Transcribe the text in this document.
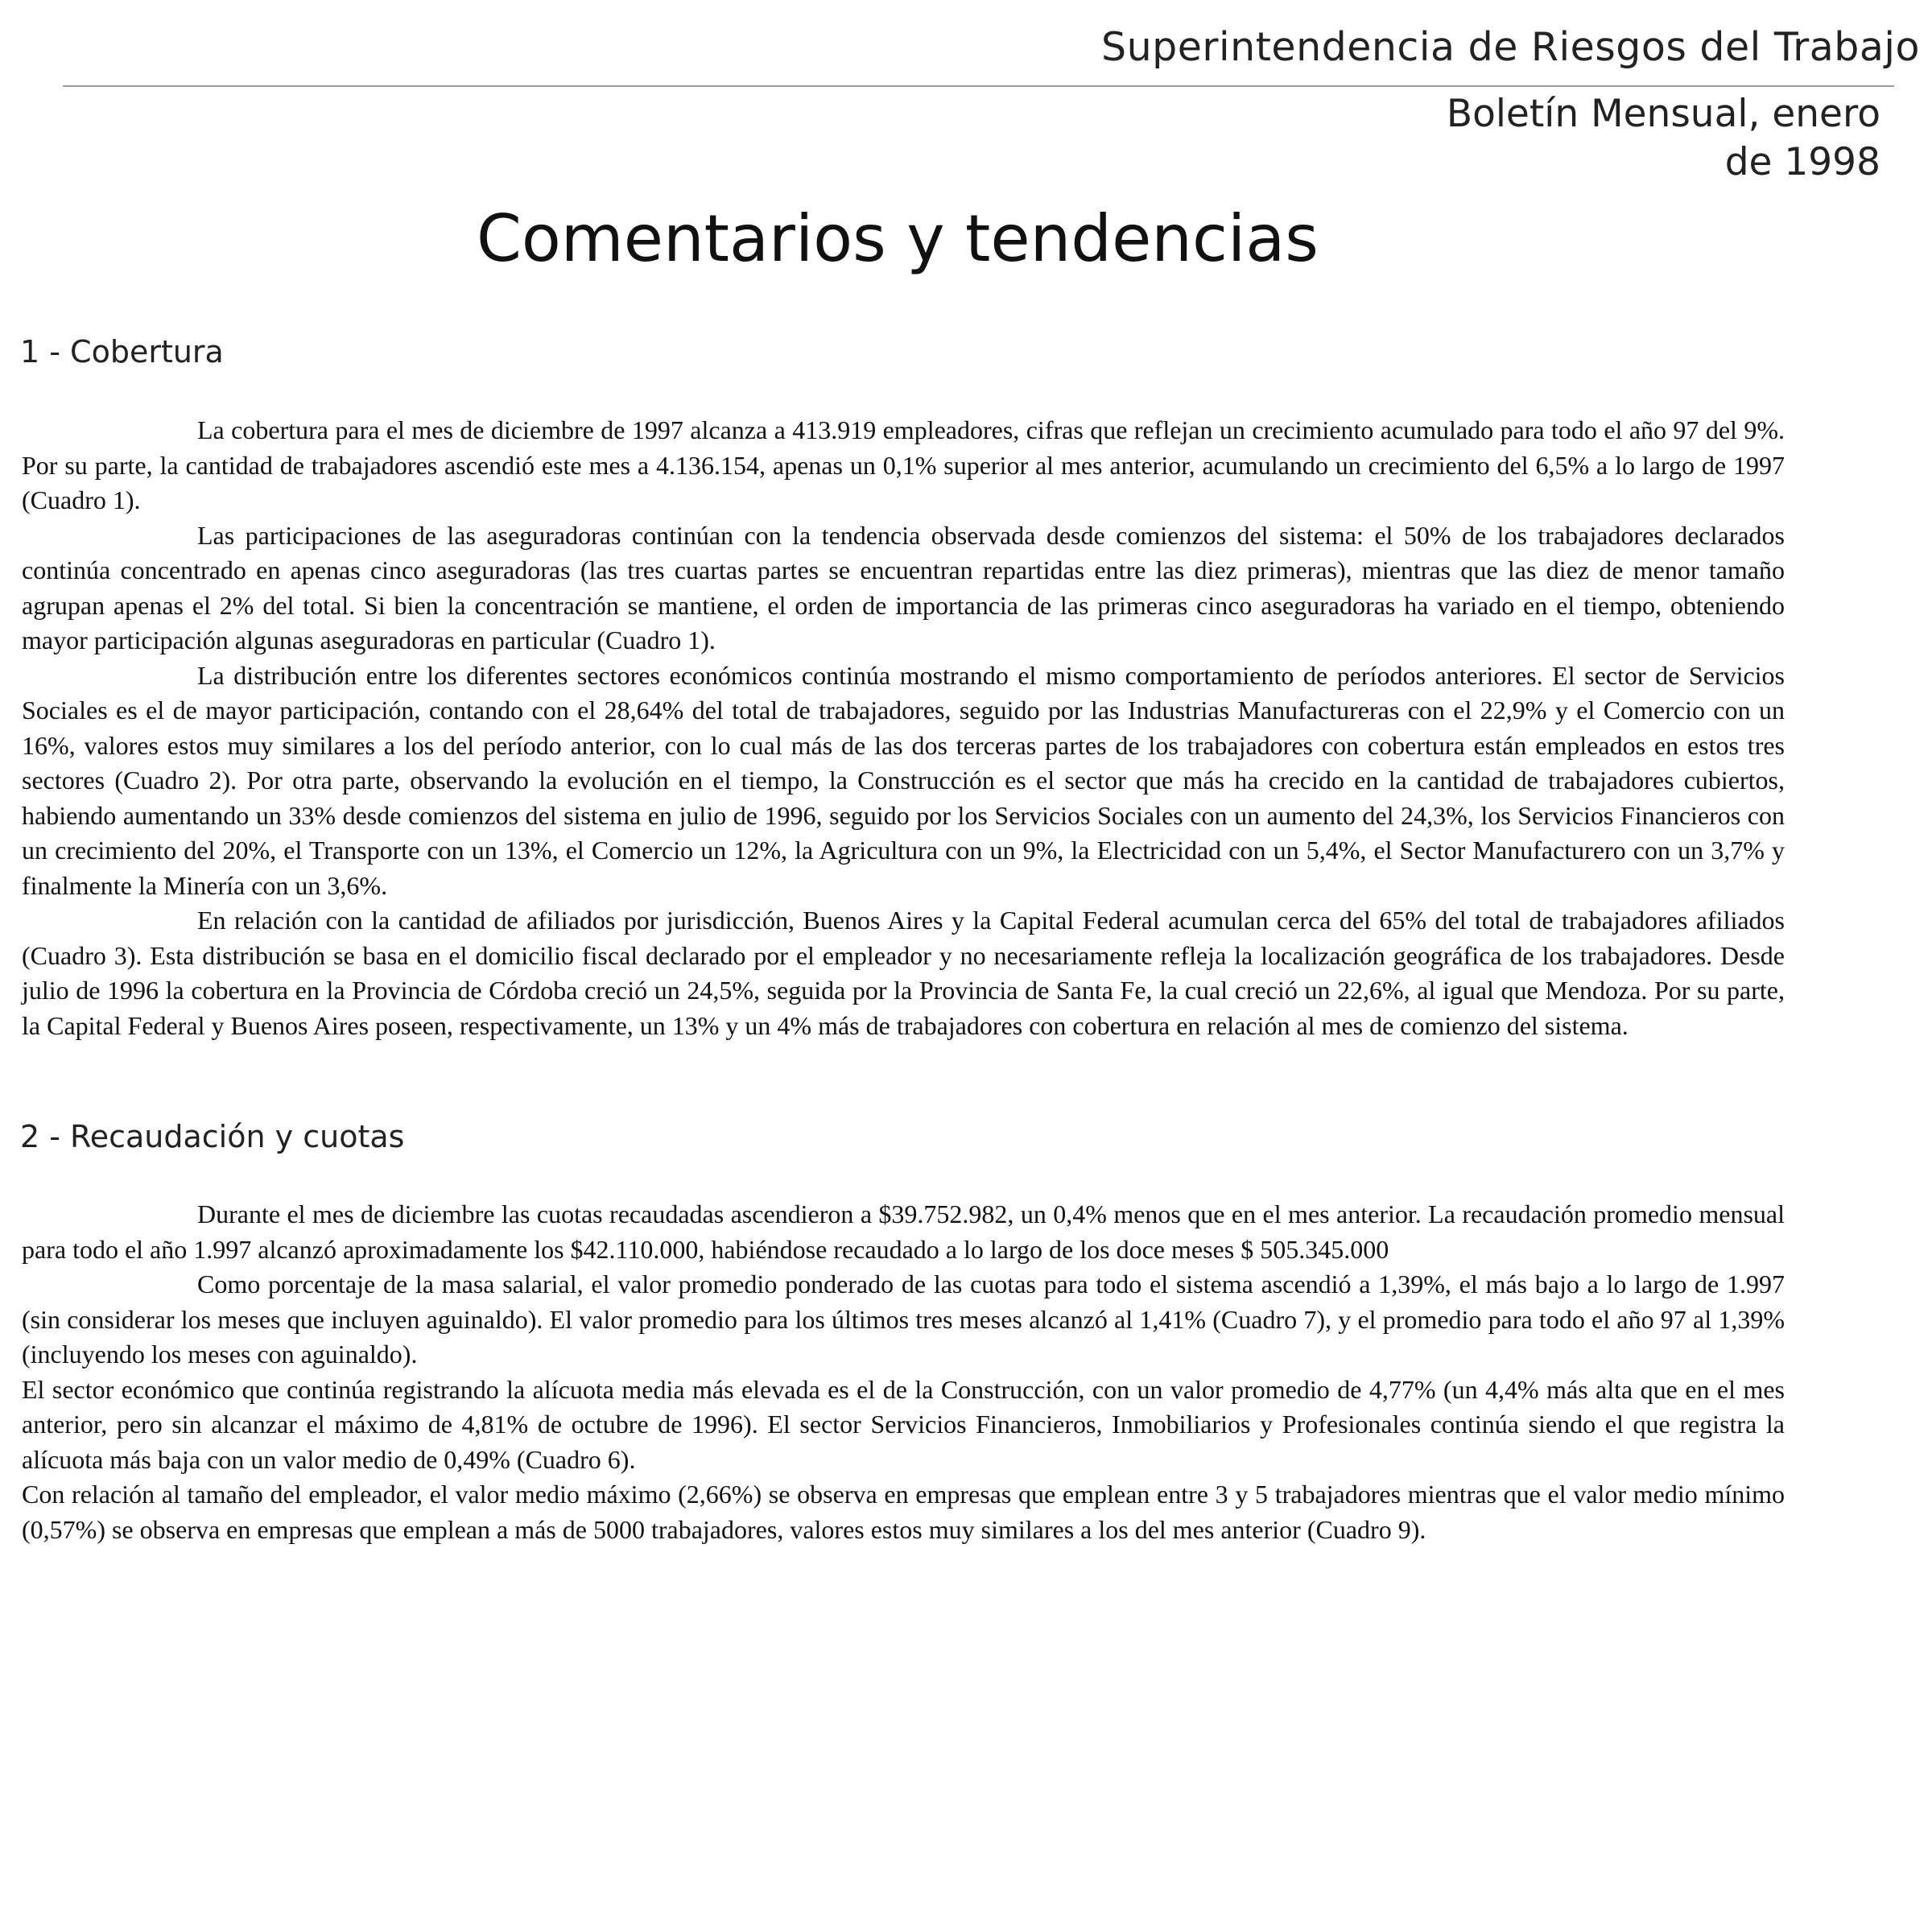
Superintendencia de Riesgos del Trabajo
Boletín Mensual, enero de 1998
Comentarios y tendencias
1 - Cobertura

La cobertura para el mes de diciembre de 1997 alcanza a 413.919 empleadores, cifras que reflejan un crecimiento acumulado para todo el año 97 del 9%. Por su parte, la cantidad de trabajadores ascendió este mes a 4.136.154, apenas un 0,1% superior al mes anterior, acumulando un crecimiento del 6,5% a lo largo de 1997 (Cuadro 1).

Las participaciones de las aseguradoras continúan con la tendencia observada desde comienzos del sistema: el 50% de los trabajadores declarados continúa concentrado en apenas cinco aseguradoras (las tres cuartas partes se encuentran repartidas entre las diez primeras), mientras que las diez de menor tamaño agrupan apenas el 2% del total. Si bien la concentración se mantiene, el orden de importancia de las primeras cinco aseguradoras ha variado en el tiempo, obteniendo mayor participación algunas aseguradoras en particular (Cuadro 1).

La distribución entre los diferentes sectores económicos continúa mostrando el mismo comportamiento de períodos anteriores. El sector de Servicios Sociales es el de mayor participación, contando con el 28,64% del total de trabajadores, seguido por las Industrias Manufactureras con el 22,9% y el Comercio con un 16%, valores estos muy similares a los del período anterior, con lo cual más de las dos terceras partes de los trabajadores con cobertura están empleados en estos tres sectores (Cuadro 2). Por otra parte, observando la evolución en el tiempo, la Construcción es el sector que más ha crecido en la cantidad de trabajadores cubiertos, habiendo aumentando un 33% desde comienzos del sistema en julio de 1996, seguido por los Servicios Sociales con un aumento del 24,3%, los Servicios Financieros con un crecimiento del 20%, el Transporte con un 13%, el Comercio un 12%, la Agricultura con un 9%, la Electricidad con un 5,4%, el Sector Manufacturero con un 3,7% y finalmente la Minería con un 3,6%.

En relación con la cantidad de afiliados por jurisdicción, Buenos Aires y la Capital Federal acumulan cerca del 65% del total de trabajadores afiliados (Cuadro 3). Esta distribución se basa en el domicilio fiscal declarado por el empleador y no necesariamente refleja la localización geográfica de los trabajadores. Desde julio de 1996 la cobertura en la Provincia de Córdoba creció un 24,5%, seguida por la Provincia de Santa Fe, la cual creció un 22,6%, al igual que Mendoza. Por su parte, la Capital Federal y Buenos Aires poseen, respectivamente, un 13% y un 4% más de trabajadores con cobertura en relación al mes de comienzo del sistema.

2 - Recaudación y cuotas

Durante el mes de diciembre las cuotas recaudadas ascendieron a $39.752.982, un 0,4% menos que en el mes anterior. La recaudación promedio mensual para todo el año 1.997 alcanzó aproximadamente los $42.110.000, habiéndose recaudado a lo largo de los doce meses $ 505.345.000

Como porcentaje de la masa salarial, el valor promedio ponderado de las cuotas para todo el sistema ascendió a 1,39%, el más bajo a lo largo de 1.997 (sin considerar los meses que incluyen aguinaldo). El valor promedio para los últimos tres meses alcanzó al 1,41% (Cuadro 7), y el promedio para todo el año 97 al 1,39% (incluyendo los meses con aguinaldo).

El sector económico que continúa registrando la alícuota media más elevada es el de la Construcción, con un valor promedio de 4,77% (un 4,4% más alta que en el mes anterior, pero sin alcanzar el máximo de 4,81% de octubre de 1996). El sector Servicios Financieros, Inmobiliarios y Profesionales continúa siendo el que registra la alícuota más baja con un valor medio de 0,49% (Cuadro 6).

Con relación al tamaño del empleador, el valor medio máximo (2,66%) se observa en empresas que emplean entre 3 y 5 trabajadores mientras que el valor medio mínimo (0,57%) se observa en empresas que emplean a más de 5000 trabajadores, valores estos muy similares a los del mes anterior (Cuadro 9).
